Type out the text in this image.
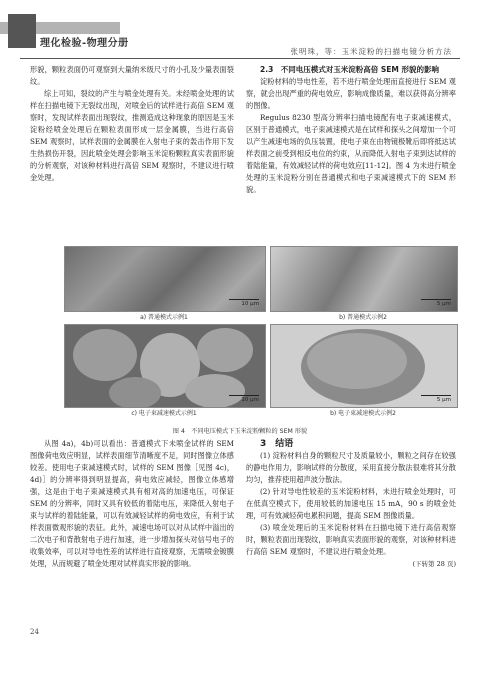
理化检验-物理分册
张明珠，等：玉米淀粉的扫描电镜分析方法

形貌，颗粒表面仍可观察到大量纳米级尺寸的小孔及少量表面裂纹。

综上可知，裂纹的产生与喷金处理有关。未经喷金处理的试样在扫描电镜下无裂纹出现，对喷金后的试样进行高倍 SEM 观察时，发现试样表面出现裂纹，推测造成这种现象的原因是玉米淀粉经喷金处理后在颗粒表面形成一层金属膜，当进行高倍 SEM 观察时，试样表面的金属膜在入射电子束的轰击作用下发生热损伤开裂，因此喷金处理会影响玉米淀粉颗粒真实表面形貌的分析观察，对该种材料进行高倍 SEM 观察时，不建议进行喷金处理。

2.3　不同电压模式对玉米淀粉高倍 SEM 形貌的影响

淀粉材料的导电性差，若不进行喷金处理而直接进行 SEM 观察，就会出现严重的荷电效应，影响成像质量，难以获得高分辨率的图像。

Regulus 8230 型高分辨率扫描电镜配有电子束减速模式，区别于普通模式，电子束减速模式是在试样和探头之间增加一个可以产生减速电场的负压装置，使电子束在由物镜极靴后即将抵达试样表面之前受到相反电位的约束，从而降低入射电子束到达试样的着陆能量，有效减轻试样的荷电效应[11-12]。图 4 为未进行喷金处理的玉米淀粉分别在普通模式和电子束减速模式下的 SEM 形貌。

10 μm	5 μm
10 μm	5 μm
a) 普通模式示例1	b) 普通模式示例2
c) 电子束减速模式示例1	b) 电子束减速模式示例2
图 4　不同电压模式下玉米淀粉颗粒的 SEM 形貌

从图 4a)，4b)可以看出：普通模式下未喷金试样的 SEM 图像荷电效应明显，试样表面细节清晰度不足，同时图像立体感较差。使用电子束减速模式时，试样的 SEM 图像［见图 4c)，4d)］的分辨率得到明显提高，荷电效应减轻，图像立体感增强，这是由于电子束减速模式具有相对高的加速电压，可保证 SEM 的分辨率，同时又具有较低的着陆电压，来降低入射电子束与试样的着陆能量，可以有效减轻试样的荷电效应，有利于试样表面微观形貌的表征。此外，减速电场可以对从试样中溢出的二次电子和背散射电子进行加速，进一步增加探头对信号电子的收集效率，可以对导电性差的试样进行直接观察，无需喷金镀膜处理，从而规避了喷金处理对试样真实形貌的影响。

3　结语

(1) 淀粉材料自身的颗粒尺寸及质量较小，颗粒之间存在较强的静电作用力，影响试样的分散度，采用直接分散法很难将其分散均匀，推荐使用超声波分散法。

(2) 针对导电性较差的玉米淀粉材料，未进行喷金处理时，可在低真空模式下，使用较低的加速电压 15 mA，90 s 的喷金处理，可有效减轻荷电累积问题，提高 SEM 图像质量。

(3) 喷金处理后的玉米淀粉材料在扫描电镜下进行高倍观察时，颗粒表面出现裂纹，影响真实表面形貌的观察，对该种材料进行高倍 SEM 观察时，不建议进行喷金处理。

(下转第 28 页)

24
